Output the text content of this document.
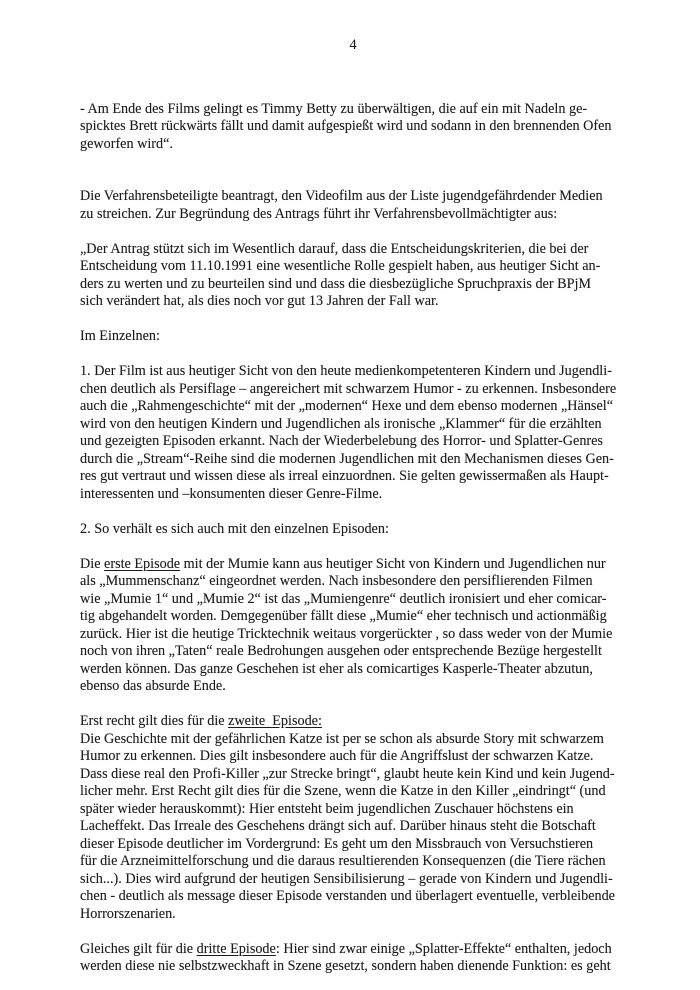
4
- Am Ende des Films gelingt es Timmy Betty zu überwältigen, die auf ein mit Nadeln ge-
spicktes Brett rückwärts fällt und damit aufgespießt wird und sodann in den brennenden Ofen
geworfen wird“.
Die Verfahrensbeteiligte beantragt, den Videofilm aus der Liste jugendgefährdender Medien
zu streichen. Zur Begründung des Antrags führt ihr Verfahrensbevollmächtigter aus:
„Der Antrag stützt sich im Wesentlich darauf, dass die Entscheidungskriterien, die bei der
Entscheidung vom 11.10.1991 eine wesentliche Rolle gespielt haben, aus heutiger Sicht an-
ders zu werten und zu beurteilen sind und dass die diesbezügliche Spruchpraxis der BPjM
sich verändert hat, als dies noch vor gut 13 Jahren der Fall war.
Im Einzelnen:
1. Der Film ist aus heutiger Sicht von den heute medienkompetenteren Kindern und Jugendli-
chen deutlich als Persiflage – angereichert mit schwarzem Humor - zu erkennen. Insbesondere
auch die „Rahmengeschichte“ mit der „modernen“ Hexe und dem ebenso modernen „Hänsel“
wird von den heutigen Kindern und Jugendlichen als ironische „Klammer“ für die erzählten
und gezeigten Episoden erkannt. Nach der Wiederbelebung des Horror- und Splatter-Genres
durch die „Stream“-Reihe sind die modernen Jugendlichen mit den Mechanismen dieses Gen-
res gut vertraut und wissen diese als irreal einzuordnen. Sie gelten gewissermaßen als Haupt-
interessenten und –konsumenten dieser Genre-Filme.
2. So verhält es sich auch mit den einzelnen Episoden:
Die erste Episode mit der Mumie kann aus heutiger Sicht von Kindern und Jugendlichen nur
als „Mummenschanz“ eingeordnet werden. Nach insbesondere den persiflierenden Filmen
wie „Mumie 1“ und „Mumie 2“ ist das „Mumiengenre“ deutlich ironisiert und eher comicar-
tig abgehandelt worden. Demgegenüber fällt diese „Mumie“ eher technisch und actionmäßig
zurück. Hier ist die heutige Tricktechnik weitaus vorgerückter , so dass weder von der Mumie
noch von ihren „Taten“ reale Bedrohungen ausgehen oder entsprechende Bezüge hergestellt
werden können. Das ganze Geschehen ist eher als comicartiges Kasperle-Theater abzutun,
ebenso das absurde Ende.
Erst recht gilt dies für die zweite  Episode:
Die Geschichte mit der gefährlichen Katze ist per se schon als absurde Story mit schwarzem
Humor zu erkennen. Dies gilt insbesondere auch für die Angriffslust der schwarzen Katze.
Dass diese real den Profi-Killer „zur Strecke bringt“, glaubt heute kein Kind und kein Jugend-
licher mehr. Erst Recht gilt dies für die Szene, wenn die Katze in den Killer „eindringt“ (und
später wieder herauskommt): Hier entsteht beim jugendlichen Zuschauer höchstens ein
Lacheffekt. Das Irreale des Geschehens drängt sich auf. Darüber hinaus steht die Botschaft
dieser Episode deutlicher im Vordergrund: Es geht um den Missbrauch von Versuchstieren
für die Arzneimittelforschung und die daraus resultierenden Konsequenzen (die Tiere rächen
sich...). Dies wird aufgrund der heutigen Sensibilisierung – gerade von Kindern und Jugendli-
chen - deutlich als message dieser Episode verstanden und überlagert eventuelle, verbleibende
Horrorszenarien.
Gleiches gilt für die dritte Episode: Hier sind zwar einige „Splatter-Effekte“ enthalten, jedoch
werden diese nie selbstzweckhaft in Szene gesetzt, sondern haben dienende Funktion: es geht
